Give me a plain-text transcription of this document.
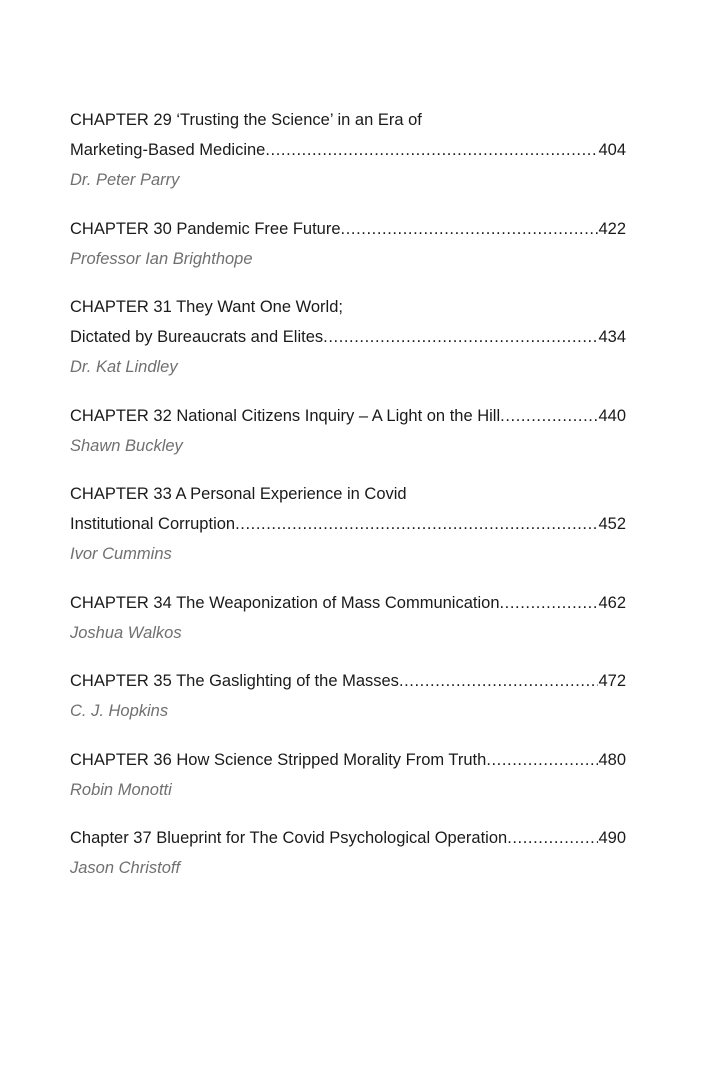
CHAPTER 29 ‘Trusting the Science’ in an Era of
Marketing-Based Medicine .....	404
Dr. Peter Parry
CHAPTER 30 Pandemic Free Future .....	422
Professor Ian Brighthope
CHAPTER 31 They Want One World;
Dictated by Bureaucrats and Elites .....	434
Dr. Kat Lindley
CHAPTER 32 National Citizens Inquiry – A Light on the Hill .....	440
Shawn Buckley
CHAPTER 33 A Personal Experience in Covid
Institutional Corruption .....	452
Ivor Cummins
CHAPTER 34 The Weaponization of Mass Communication .....	462
Joshua Walkos
CHAPTER 35 The Gaslighting of the Masses .....	472
C. J. Hopkins
CHAPTER 36 How Science Stripped Morality From Truth .....	480
Robin Monotti
Chapter 37 Blueprint for The Covid Psychological Operation .....	490
Jason Christoff
